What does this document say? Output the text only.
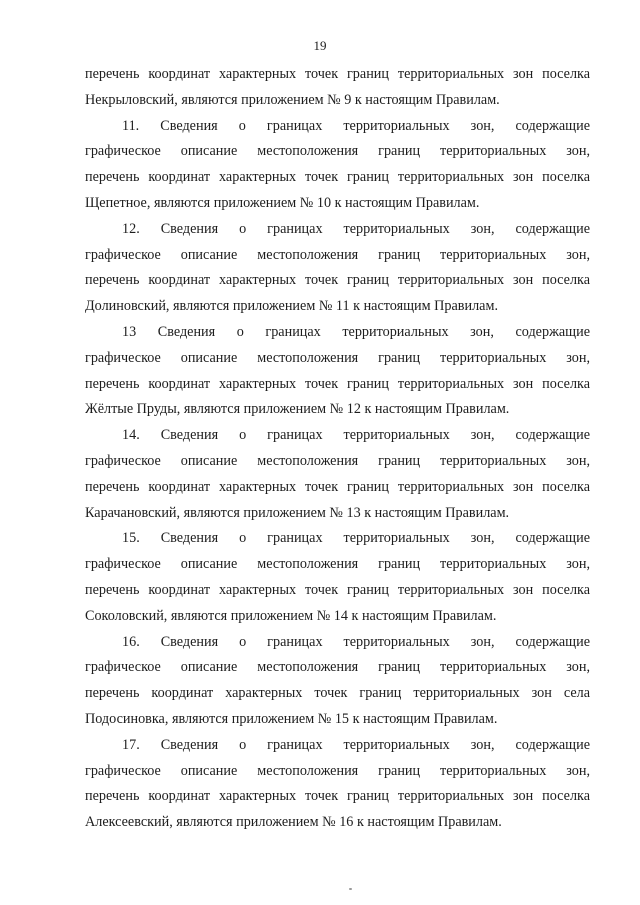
19
перечень координат характерных точек границ территориальных зон поселка
Некрыловский, являются приложением № 9 к настоящим Правилам.
11. Сведения о границах территориальных зон, содержащие
графическое описание местоположения границ территориальных зон,
перечень координат характерных точек границ территориальных зон поселка
Щепетное, являются приложением № 10 к настоящим Правилам.
12. Сведения о границах территориальных зон, содержащие
графическое описание местоположения границ территориальных зон,
перечень координат характерных точек границ территориальных зон поселка
Долиновский, являются приложением № 11 к настоящим Правилам.
13 Сведения о границах территориальных зон, содержащие
графическое описание местоположения границ территориальных зон,
перечень координат характерных точек границ территориальных зон поселка
Жёлтые Пруды, являются приложением № 12 к настоящим Правилам.
14. Сведения о границах территориальных зон, содержащие
графическое описание местоположения границ территориальных зон,
перечень координат характерных точек границ территориальных зон поселка
Карачановский, являются приложением № 13 к настоящим Правилам.
15. Сведения о границах территориальных зон, содержащие
графическое описание местоположения границ территориальных зон,
перечень координат характерных точек границ территориальных зон поселка
Соколовский, являются приложением № 14 к настоящим Правилам.
16. Сведения о границах территориальных зон, содержащие
графическое описание местоположения границ территориальных зон,
перечень координат характерных точек границ территориальных зон села
Подосиновка, являются приложением № 15 к настоящим Правилам.
17. Сведения о границах территориальных зон, содержащие
графическое описание местоположения границ территориальных зон,
перечень координат характерных точек границ территориальных зон поселка
Алексеевский, являются приложением № 16 к настоящим Правилам.
